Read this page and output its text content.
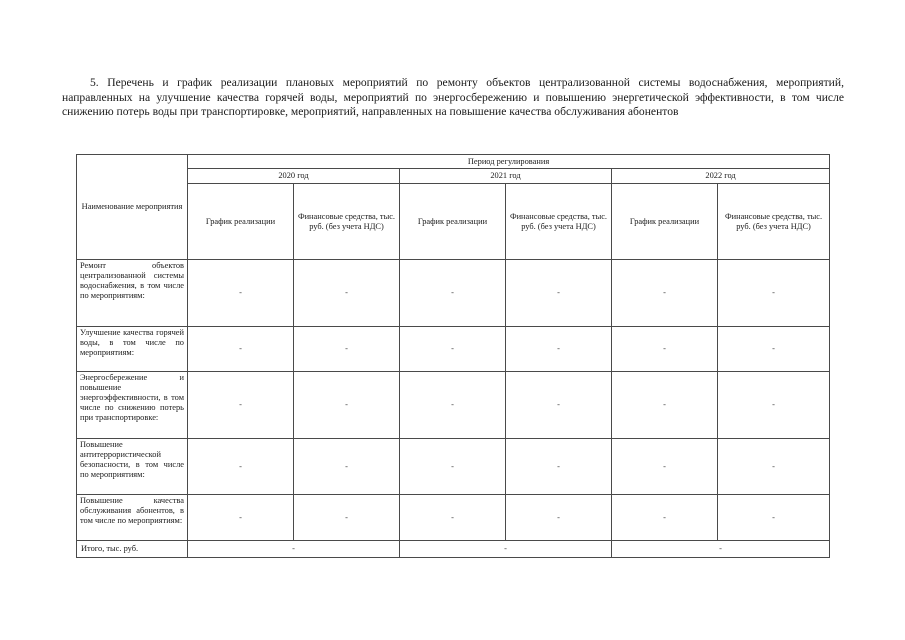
5. Перечень и график реализации плановых мероприятий по ремонту объектов централизованной системы водоснабжения, мероприятий, направленных на улучшение качества горячей воды, мероприятий по энергосбережению и повышению энергетической эффективности, в том числе снижению потерь воды при транспортировке, мероприятий, направленных на повышение качества обслуживания абонентов

Наименование мероприятия	Период регулирования					
	2020 год		2021 год		2022 год	
	График реализации	Финансовые средства, тыс. руб. (без учета НДС)	График реализации	Финансовые средства, тыс. руб. (без учета НДС)	График реализации	Финансовые средства, тыс. руб. (без учета НДС)
Ремонт объектов централизованной системы водоснабжения, в том числе по мероприятиям:	-	-	-	-	-	-
Улучшение качества горячей воды, в том числе по мероприятиям:	-	-	-	-	-	-
Энергосбережение и повышение энергоэффективности, в том числе по снижению потерь при транспортировке:	-	-	-	-	-	-
Повышение антитеррористической безопасности, в том числе по мероприятиям:	-	-	-	-	-	-
Повышение качества обслуживания абонентов, в том числе по мероприятиям:	-	-	-	-	-	-
Итого, тыс. руб.	-		-		-	
